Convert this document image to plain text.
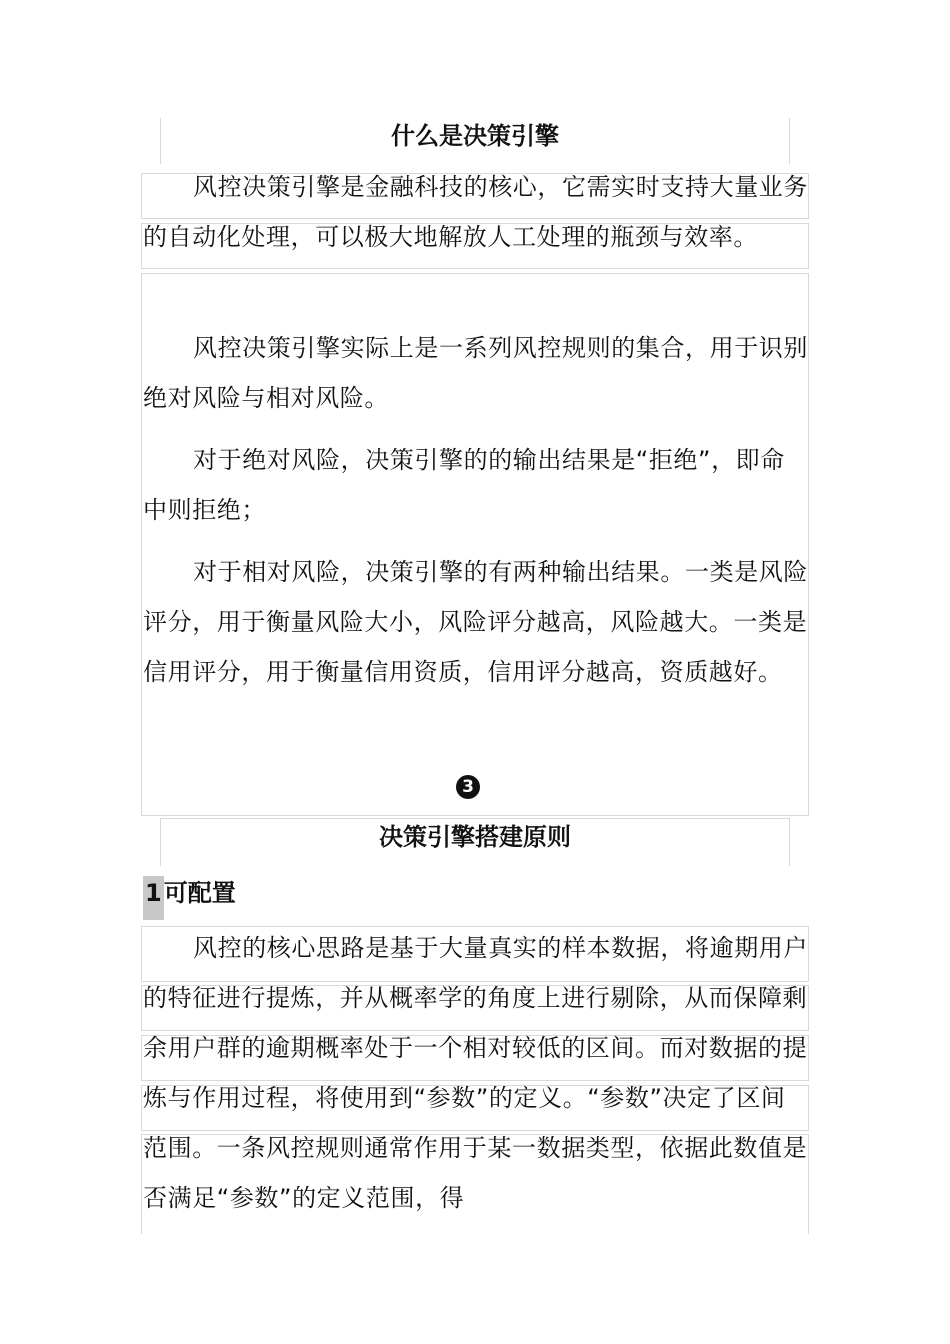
什么是决策引擎
风控决策引擎是金融科技的核心，它需实时支持大量业务的自动化处理，可以极大地解放人工处理的瓶颈与效率。
风控决策引擎实际上是一系列风控规则的集合，用于识别绝对风险与相对风险。
对于绝对风险，决策引擎的的输出结果是“拒绝”，即命中则拒绝；
对于相对风险，决策引擎的有两种输出结果。一类是风险评分，用于衡量风险大小，风险评分越高，风险越大。一类是信用评分，用于衡量信用资质，信用评分越高，资质越好。
3
决策引擎搭建原则
1可配置
风控的核心思路是基于大量真实的样本数据，将逾期用户的特征进行提炼，并从概率学的角度上进行剔除，从而保障剩余用户群的逾期概率处于一个相对较低的区间。而对数据的提炼与作用过程，将使用到“参数”的定义。“参数”决定了区间范围。一条风控规则通常作用于某一数据类型，依据此数值是否满足“参数”的定义范围，得
